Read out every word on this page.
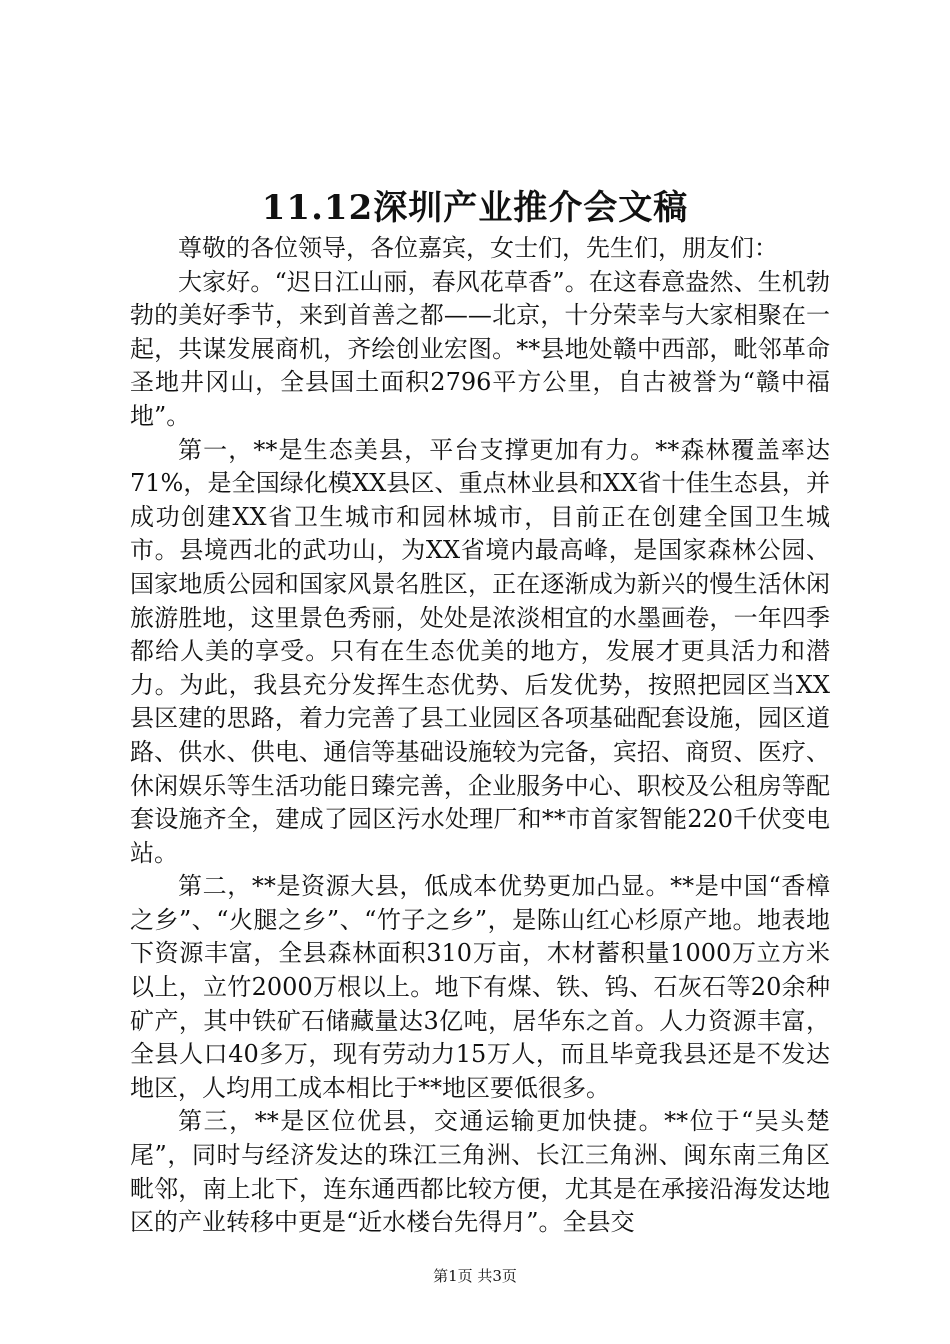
11.12深圳产业推介会文稿

尊敬的各位领导，各位嘉宾，女士们，先生们，朋友们：

大家好。“迟日江山丽，春风花草香”。在这春意盎然、生机勃勃的美好季节，来到首善之都——北京，十分荣幸与大家相聚在一起，共谋发展商机，齐绘创业宏图。**县地处赣中西部，毗邻革命圣地井冈山，全县国土面积2796平方公里，自古被誉为“赣中福地”。

第一，**是生态美县，平台支撑更加有力。**森林覆盖率达71%，是全国绿化模XX县区、重点林业县和XX省十佳生态县，并成功创建XX省卫生城市和园林城市，目前正在创建全国卫生城市。县境西北的武功山，为XX省境内最高峰，是国家森林公园、国家地质公园和国家风景名胜区，正在逐渐成为新兴的慢生活休闲旅游胜地，这里景色秀丽，处处是浓淡相宜的水墨画卷，一年四季都给人美的享受。只有在生态优美的地方，发展才更具活力和潜力。为此，我县充分发挥生态优势、后发优势，按照把园区当XX县区建的思路，着力完善了县工业园区各项基础配套设施，园区道路、供水、供电、通信等基础设施较为完备，宾招、商贸、医疗、休闲娱乐等生活功能日臻完善，企业服务中心、职校及公租房等配套设施齐全，建成了园区污水处理厂和**市首家智能220千伏变电站。

第二，**是资源大县，低成本优势更加凸显。**是中国“香樟之乡”、“火腿之乡”、“竹子之乡”，是陈山红心杉原产地。地表地下资源丰富，全县森林面积310万亩，木材蓄积量1000万立方米以上，立竹2000万根以上。地下有煤、铁、钨、石灰石等20余种矿产，其中铁矿石储藏量达3亿吨，居华东之首。人力资源丰富，全县人口40多万，现有劳动力15万人，而且毕竟我县还是不发达地区，人均用工成本相比于**地区要低很多。

第三，**是区位优县，交通运输更加快捷。**位于“吴头楚尾”，同时与经济发达的珠江三角洲、长江三角洲、闽东南三角区毗邻，南上北下，连东通西都比较方便，尤其是在承接沿海发达地区的产业转移中更是“近水楼台先得月”。全县交

第1页 共3页
